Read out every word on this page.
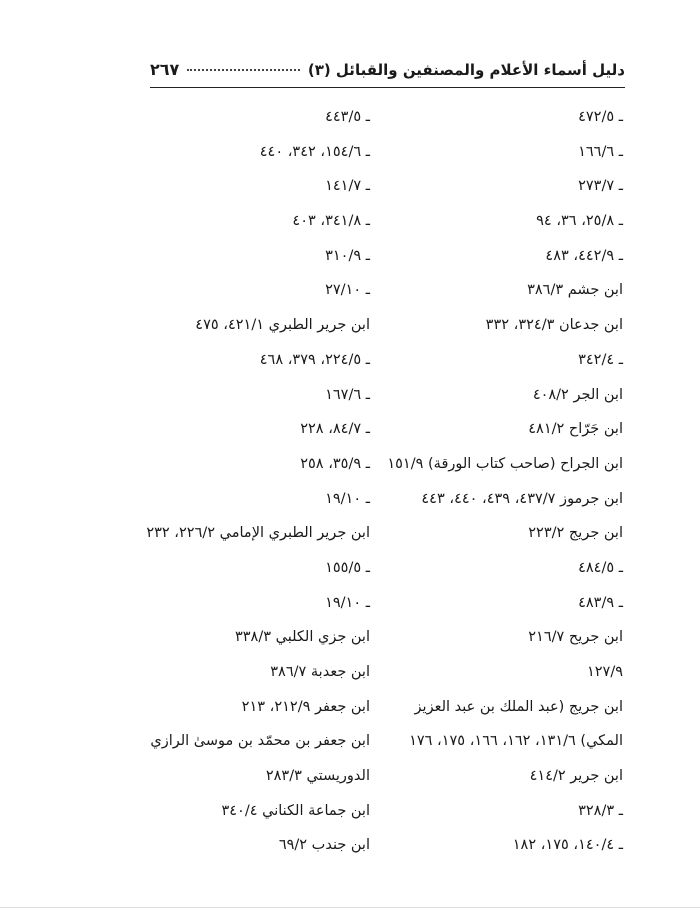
دليل أسماء الأعلام والمصنفين والقبائل (٣)
٢٦٧
ـ ٤٧٢/٥
ـ ١٦٦/٦
ـ ٢٧٣/٧
ـ ٢٥/٨، ٣٦، ٩٤
ـ ٤٤٢/٩، ٤٨٣
ابن جشم ٣٨٦/٣
ابن جدعان ٣٢٤/٣، ٣٣٢
ـ ٣٤٢/٤
ابن الجر ٤٠٨/٢
ابن جَرّاح ٤٨١/٢
ابن الجراح (صاحب كتاب الورقة) ١٥١/٩
ابن جرموز ٤٣٧/٧، ٤٣٩، ٤٤٠، ٤٤٣
ابن جريج ٢٢٣/٢
ـ ٤٨٤/٥
ـ ٤٨٣/٩
ابن جريح ٢١٦/٧
١٢٧/٩
ابن جريج (عبد الملك بن عبد العزيز
المكي) ١٣١/٦، ١٦٢، ١٦٦، ١٧٥، ١٧٦
ابن جرير ٤١٤/٢
ـ ٣٢٨/٣
ـ ١٤٠/٤، ١٧٥، ١٨٢
ـ ٤٤٣/٥
ـ ١٥٤/٦، ٣٤٢، ٤٤٠
ـ ١٤١/٧
ـ ٣٤١/٨، ٤٠٣
ـ ٣١٠/٩
ـ ٢٧/١٠
ابن جرير الطبري ٤٢١/١، ٤٧٥
ـ ٢٢٤/٥، ٣٧٩، ٤٦٨
ـ ١٦٧/٦
ـ ٨٤/٧، ٢٢٨
ـ ٣٥/٩، ٢٥٨
ـ ١٩/١٠
ابن جرير الطبري الإمامي ٢٢٦/٢، ٢٣٢
ـ ١٥٥/٥
ـ ١٩/١٠
ابن جزي الكلبي ٣٣٨/٣
ابن جعدبة ٣٨٦/٧
ابن جعفر ٢١٢/٩، ٢١٣
ابن جعفر بن محمّد بن موسىٰ الرازي
الدوريستي ٢٨٣/٣
ابن جماعة الكناني ٣٤٠/٤
ابن جندب ٦٩/٢
